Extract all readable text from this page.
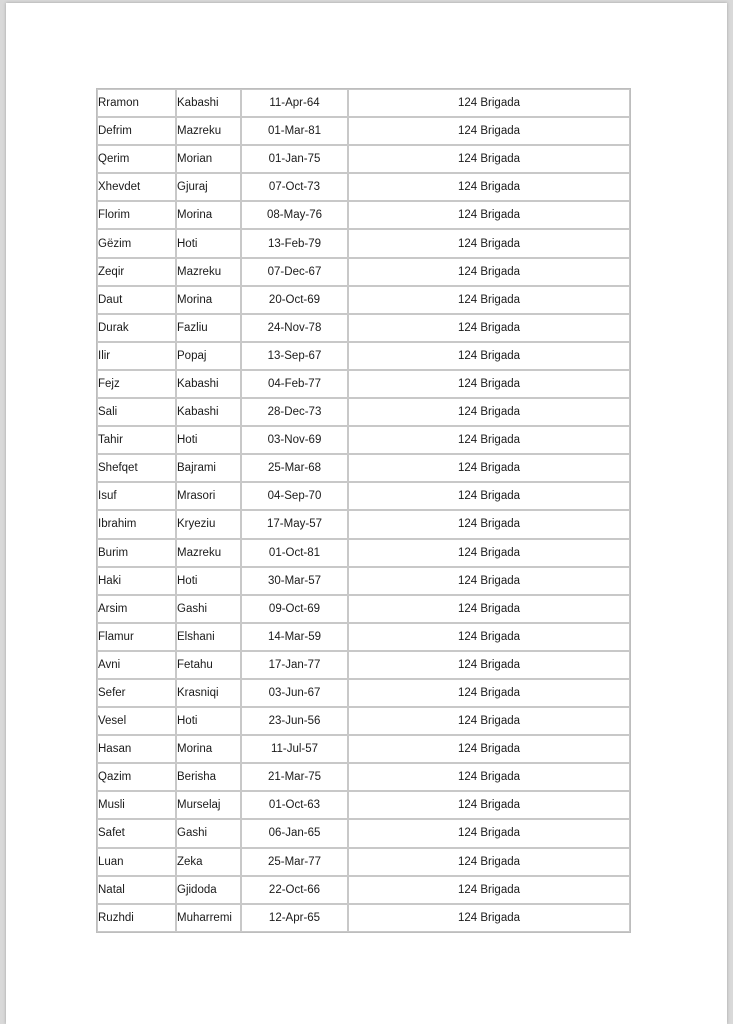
Rramon	Kabashi	11-Apr-64	124 Brigada
Defrim	Mazreku	01-Mar-81	124 Brigada
Qerim	Morian	01-Jan-75	124 Brigada
Xhevdet	Gjuraj	07-Oct-73	124 Brigada
Florim	Morina	08-May-76	124 Brigada
Gëzim	Hoti	13-Feb-79	124 Brigada
Zeqir	Mazreku	07-Dec-67	124 Brigada
Daut	Morina	20-Oct-69	124 Brigada
Durak	Fazliu	24-Nov-78	124 Brigada
Ilir	Popaj	13-Sep-67	124 Brigada
Fejz	Kabashi	04-Feb-77	124 Brigada
Sali	Kabashi	28-Dec-73	124 Brigada
Tahir	Hoti	03-Nov-69	124 Brigada
Shefqet	Bajrami	25-Mar-68	124 Brigada
Isuf	Mrasori	04-Sep-70	124 Brigada
Ibrahim	Kryeziu	17-May-57	124 Brigada
Burim	Mazreku	01-Oct-81	124 Brigada
Haki	Hoti	30-Mar-57	124 Brigada
Arsim	Gashi	09-Oct-69	124 Brigada
Flamur	Elshani	14-Mar-59	124 Brigada
Avni	Fetahu	17-Jan-77	124 Brigada
Sefer	Krasniqi	03-Jun-67	124 Brigada
Vesel	Hoti	23-Jun-56	124 Brigada
Hasan	Morina	11-Jul-57	124 Brigada
Qazim	Berisha	21-Mar-75	124 Brigada
Musli	Murselaj	01-Oct-63	124 Brigada
Safet	Gashi	06-Jan-65	124 Brigada
Luan	Zeka	25-Mar-77	124 Brigada
Natal	Gjidoda	22-Oct-66	124 Brigada
Ruzhdi	Muharremi	12-Apr-65	124 Brigada
